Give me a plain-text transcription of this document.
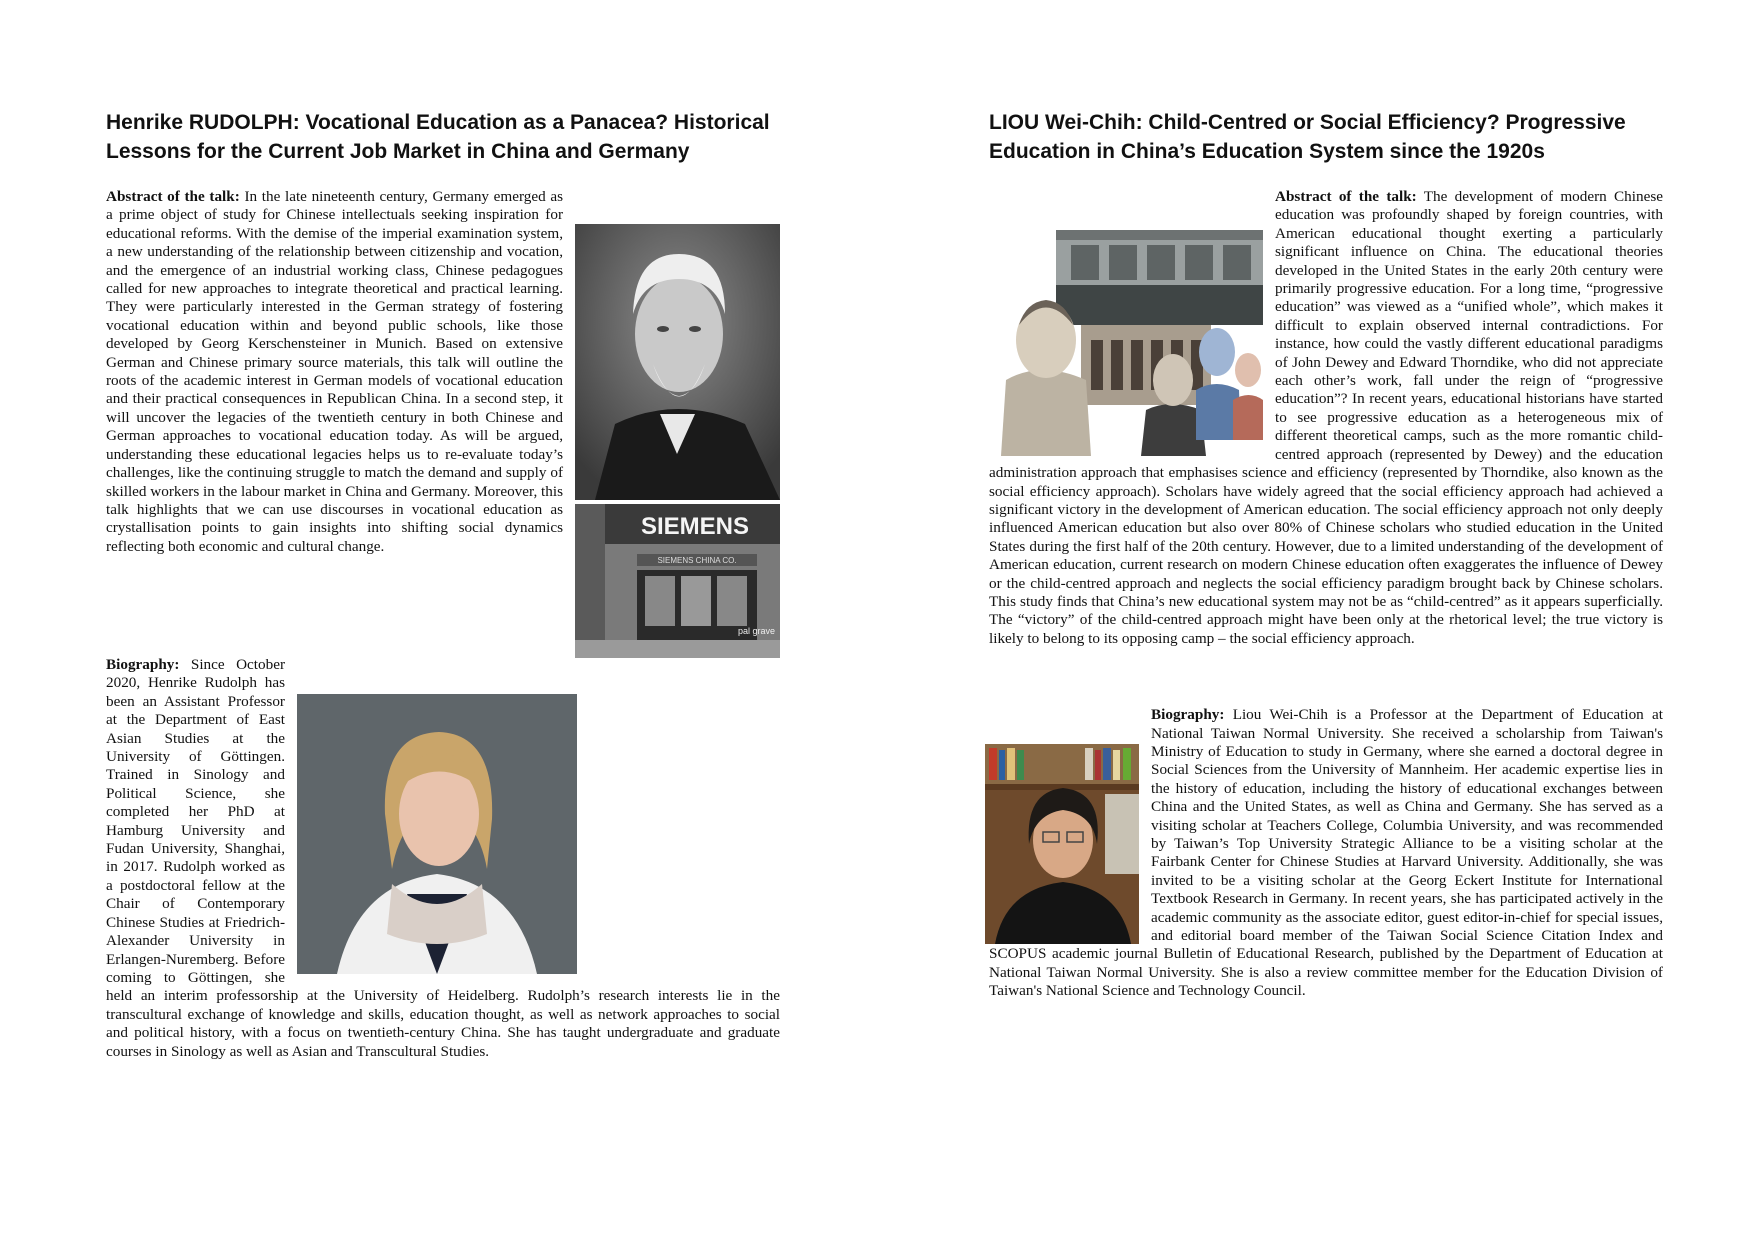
Henrike RUDOLPH: Vocational Education as a Panacea? Historical Lessons for the Current Job Market in China and Germany
SIEMENS
SIEMENS CHINA CO.
pal grave

Abstract of the talk: In the late nineteenth century, Germany emerged as a prime object of study for Chinese intellectuals seeking inspiration for educational reforms. With the demise of the imperial examination system, a new understanding of the relationship between citizenship and vocation, and the emergence of an industrial working class, Chinese pedagogues called for new approaches to integrate theoretical and practical learning. They were particularly interested in the German strategy of fostering vocational education within and beyond public schools, like those developed by Georg Kerschensteiner in Munich. Based on extensive German and Chinese primary source materials, this talk will outline the roots of the academic interest in German models of vocational education and their practical consequences in Republican China. In a second step, it will uncover the legacies of the twentieth century in both Chinese and German approaches to vocational education today. As will be argued, understanding these educational legacies helps us to re-evaluate today’s challenges, like the continuing struggle to match the demand and supply of skilled workers in the labour market in China and Germany. Moreover, this talk highlights that we can use discourses in vocational education as crystallisation points to gain insights into shifting social dynamics reflecting both economic and cultural change.

Biography: Since October 2020, Henrike Rudolph has been an Assistant Professor at the Department of East Asian Studies at the University of Göttingen. Trained in Sinology and Political Science, she completed her PhD at Hamburg University and Fudan University, Shanghai, in 2017. Rudolph worked as a postdoctoral fellow at the Chair of Contemporary Chinese Studies at Friedrich-Alexander University in Erlangen-Nuremberg. Before coming to Göttingen, she held an interim professorship at the University of Heidelberg. Rudolph’s research interests lie in the transcultural exchange of knowledge and skills, education thought, as well as network approaches to social and political history, with a focus on twentieth-century China. She has taught undergraduate and graduate courses in Sinology as well as Asian and Transcultural Studies.

LIOU Wei-Chih: Child-Centred or Social Efficiency? Progressive Education in China’s Education System since the 1920s

Abstract of the talk: The development of modern Chinese education was profoundly shaped by foreign countries, with American educational thought exerting a particularly significant influence on China. The educational theories developed in the United States in the early 20th century were primarily progressive education. For a long time, “progressive education” was viewed as a “unified whole”, which makes it difficult to explain observed internal contradictions. For instance, how could the vastly different educational paradigms of John Dewey and Edward Thorndike, who did not appreciate each other’s work, fall under the reign of “progressive education”? In recent years, educational historians have started to see progressive education as a heterogeneous mix of different theoretical camps, such as the more romantic child-centred approach (represented by Dewey) and the education administration approach that emphasises science and efficiency (represented by Thorndike, also known as the social efficiency approach). Scholars have widely agreed that the social efficiency approach had achieved a significant victory in the development of American education. The social efficiency approach not only deeply influenced American education but also over 80% of Chinese scholars who studied education in the United States during the first half of the 20th century. However, due to a limited understanding of the development of American education, current research on modern Chinese education often exaggerates the influence of Dewey or the child-centred approach and neglects the social efficiency paradigm brought back by Chinese scholars. This study finds that China’s new educational system may not be as “child-centred” as it appears superficially. The “victory” of the child-centred approach might have been only at the rhetorical level; the true victory is likely to belong to its opposing camp – the social efficiency approach.

Biography: Liou Wei-Chih is a Professor at the Department of Education at National Taiwan Normal University. She received a scholarship from Taiwan's Ministry of Education to study in Germany, where she earned a doctoral degree in Social Sciences from the University of Mannheim. Her academic expertise lies in the history of education, including the history of educational exchanges between China and the United States, as well as China and Germany. She has served as a visiting scholar at Teachers College, Columbia University, and was recommended by Taiwan’s Top University Strategic Alliance to be a visiting scholar at the Fairbank Center for Chinese Studies at Harvard University. Additionally, she was invited to be a visiting scholar at the Georg Eckert Institute for International Textbook Research in Germany. In recent years, she has participated actively in the academic community as the associate editor, guest editor-in-chief for special issues, and editorial board member of the Taiwan Social Science Citation Index and SCOPUS academic journal Bulletin of Educational Research, published by the Department of Education at National Taiwan Normal University. She is also a review committee member for the Education Division of Taiwan's National Science and Technology Council.
